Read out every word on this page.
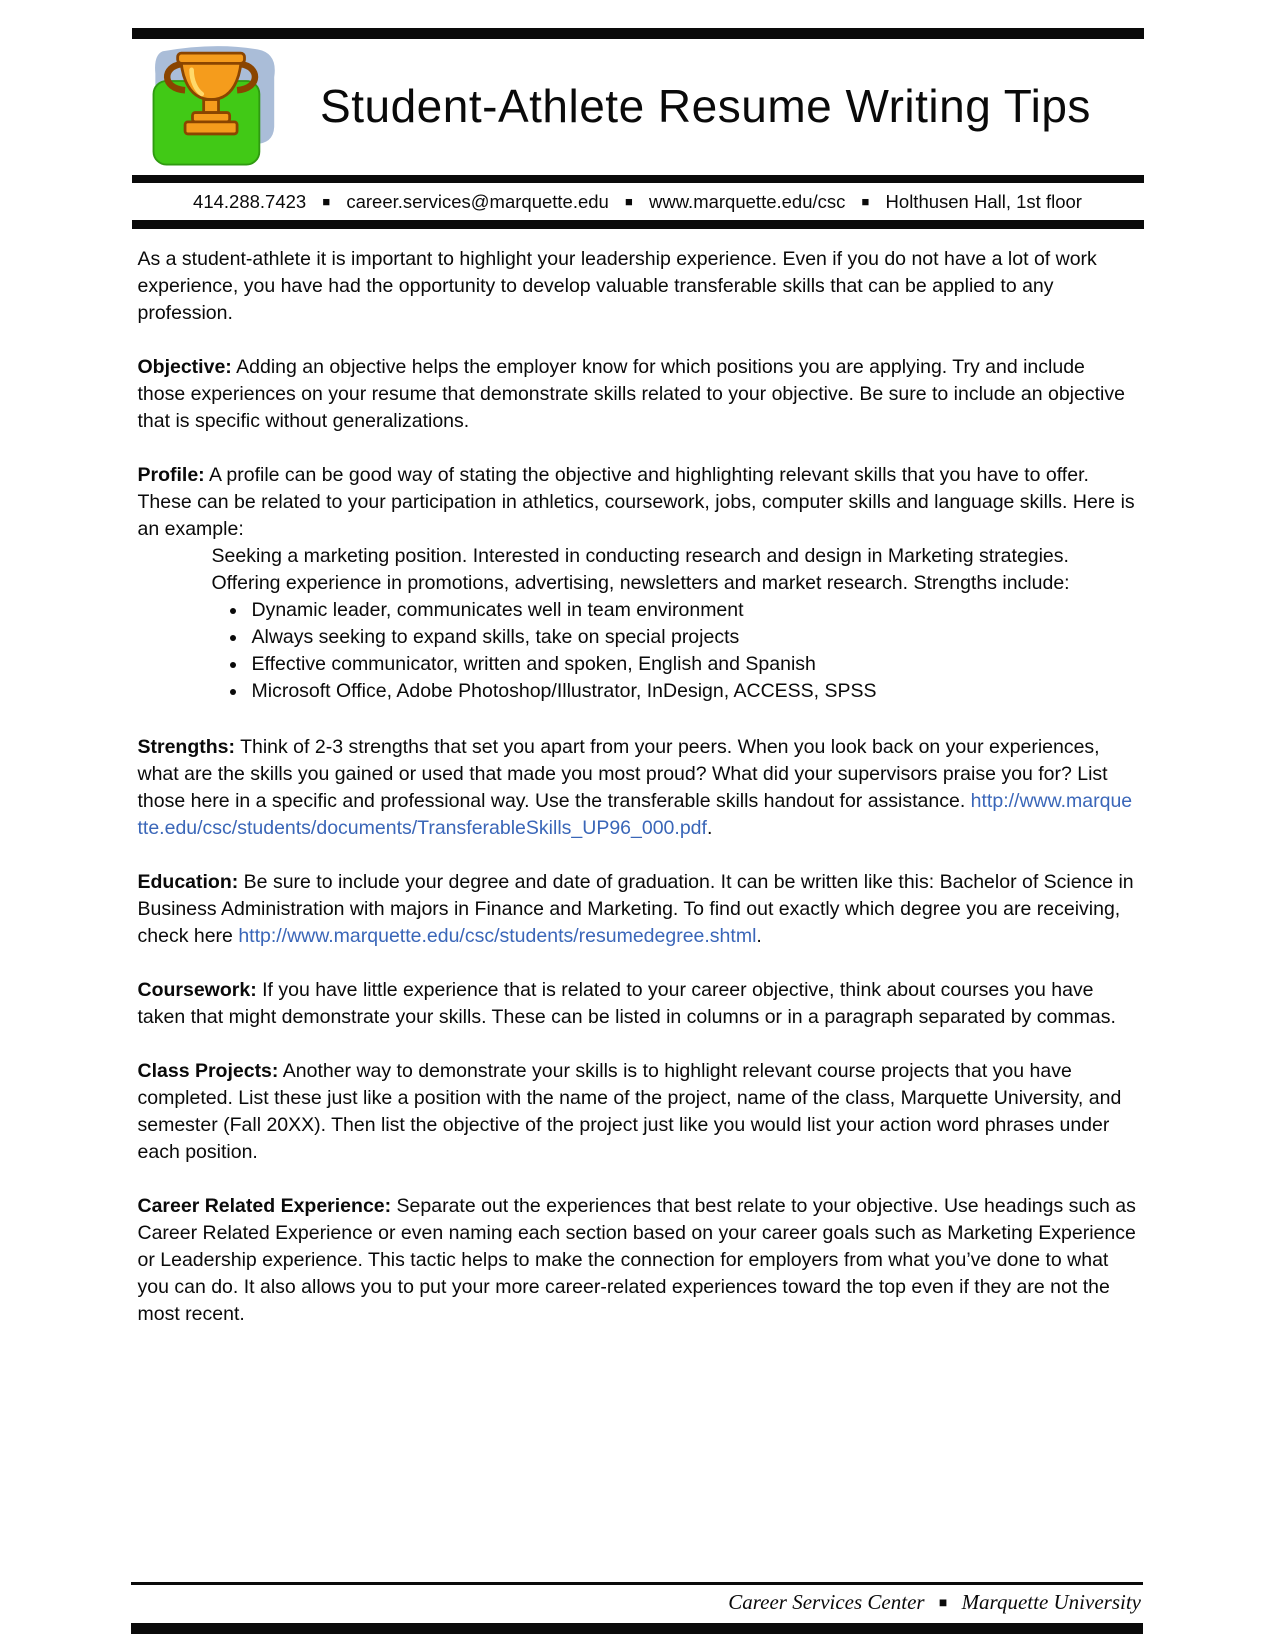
Student-Athlete Resume Writing Tips
414.288.7423 ■ career.services@marquette.edu ■ www.marquette.edu/csc ■ Holthusen Hall, 1st floor

As a student-athlete it is important to highlight your leadership experience. Even if you do not have a lot of work experience, you have had the opportunity to develop valuable transferable skills that can be applied to any profession.

Objective: Adding an objective helps the employer know for which positions you are applying. Try and include those experiences on your resume that demonstrate skills related to your objective. Be sure to include an objective that is specific without generalizations.

Profile: A profile can be good way of stating the objective and highlighting relevant skills that you have to offer. These can be related to your participation in athletics, coursework, jobs, computer skills and language skills. Here is an example:

Seeking a marketing position. Interested in conducting research and design in Marketing strategies. Offering experience in promotions, advertising, newsletters and market research. Strengths include:
• Dynamic leader, communicates well in team environment
• Always seeking to expand skills, take on special projects
• Effective communicator, written and spoken, English and Spanish
• Microsoft Office, Adobe Photoshop/Illustrator, InDesign, ACCESS, SPSS

Strengths: Think of 2-3 strengths that set you apart from your peers. When you look back on your experiences, what are the skills you gained or used that made you most proud? What did your supervisors praise you for? List those here in a specific and professional way. Use the transferable skills handout for assistance. http://www.marquette.edu/csc/students/documents/TransferableSkills_UP96_000.pdf.

Education: Be sure to include your degree and date of graduation. It can be written like this: Bachelor of Science in Business Administration with majors in Finance and Marketing. To find out exactly which degree you are receiving, check here http://www.marquette.edu/csc/students/resumedegree.shtml.

Coursework: If you have little experience that is related to your career objective, think about courses you have taken that might demonstrate your skills. These can be listed in columns or in a paragraph separated by commas.

Class Projects: Another way to demonstrate your skills is to highlight relevant course projects that you have completed. List these just like a position with the name of the project, name of the class, Marquette University, and semester (Fall 20XX). Then list the objective of the project just like you would list your action word phrases under each position.

Career Related Experience: Separate out the experiences that best relate to your objective. Use headings such as Career Related Experience or even naming each section based on your career goals such as Marketing Experience or Leadership experience. This tactic helps to make the connection for employers from what you’ve done to what you can do. It also allows you to put your more career-related experiences toward the top even if they are not the most recent.

Career Services Center ■ Marquette University
